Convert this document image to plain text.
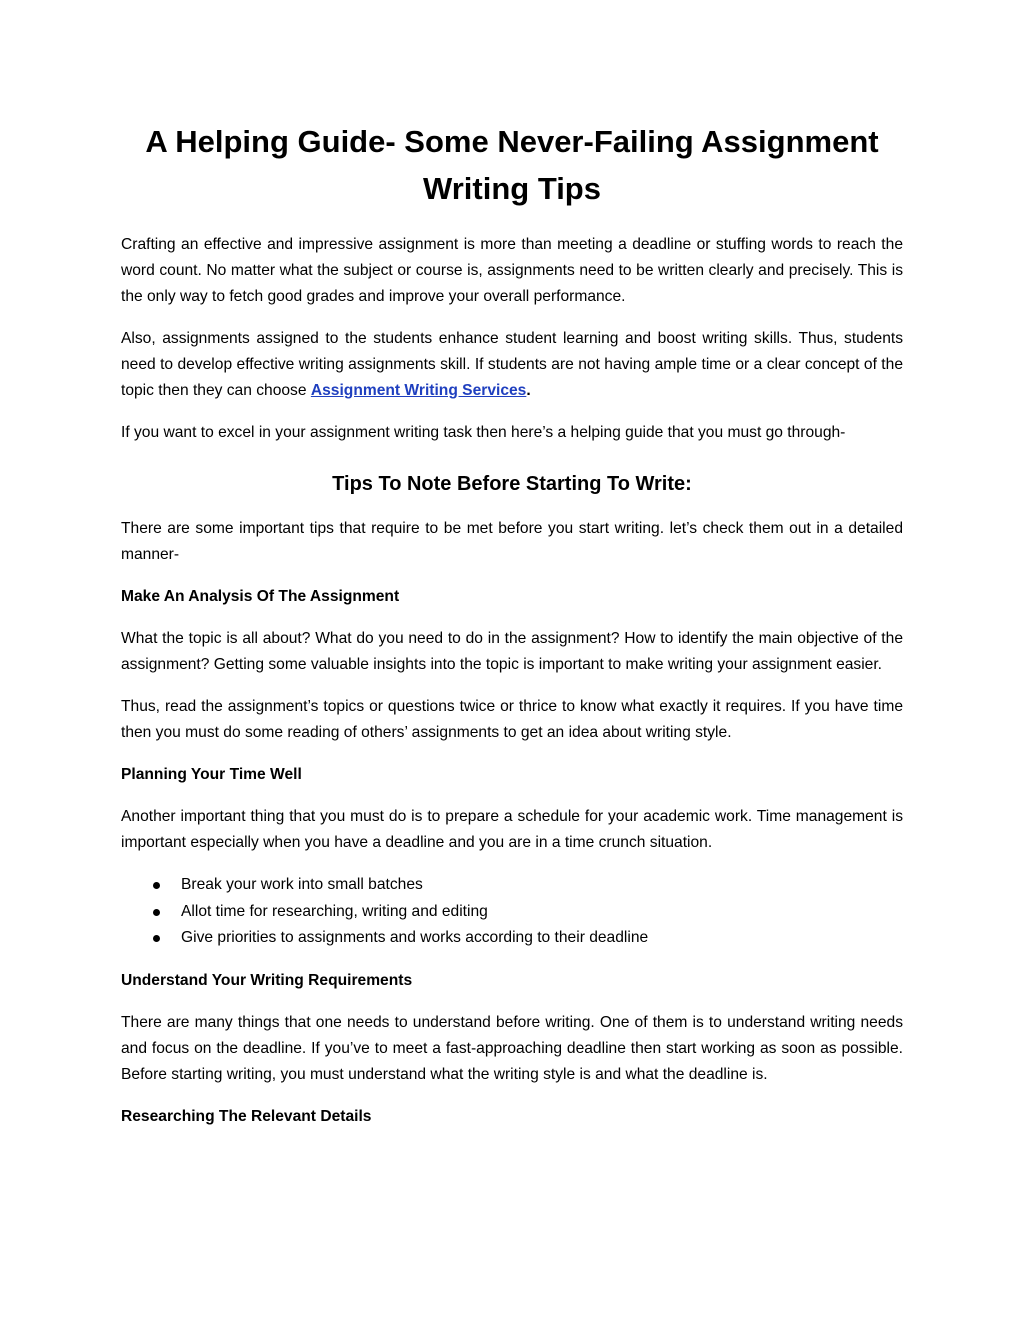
A Helping Guide- Some Never-Failing Assignment Writing Tips

Crafting an effective and impressive assignment is more than meeting a deadline or stuffing words to reach the word count. No matter what the subject or course is, assignments need to be written clearly and precisely. This is the only way to fetch good grades and improve your overall performance.

Also, assignments assigned to the students enhance student learning and boost writing skills. Thus, students need to develop effective writing assignments skill. If students are not having ample time or a clear concept of the topic then they can choose Assignment Writing Services.

If you want to excel in your assignment writing task then here’s a helping guide that you must go through-

Tips To Note Before Starting To Write:

There are some important tips that require to be met before you start writing. let’s check them out in a detailed manner-

Make An Analysis Of The Assignment

What the topic is all about? What do you need to do in the assignment? How to identify the main objective of the assignment? Getting some valuable insights into the topic is important to make writing your assignment easier.

Thus, read the assignment’s topics or questions twice or thrice to know what exactly it requires. If you have time then you must do some reading of others’ assignments to get an idea about writing style.

Planning Your Time Well

Another important thing that you must do is to prepare a schedule for your academic work. Time management is important especially when you have a deadline and you are in a time crunch situation.

Break your work into small batches
Allot time for researching, writing and editing
Give priorities to assignments and works according to their deadline
Understand Your Writing Requirements

There are many things that one needs to understand before writing. One of them is to understand writing needs and focus on the deadline. If you’ve to meet a fast-approaching deadline then start working as soon as possible. Before starting writing, you must understand what the writing style is and what the deadline is.

Researching The Relevant Details
